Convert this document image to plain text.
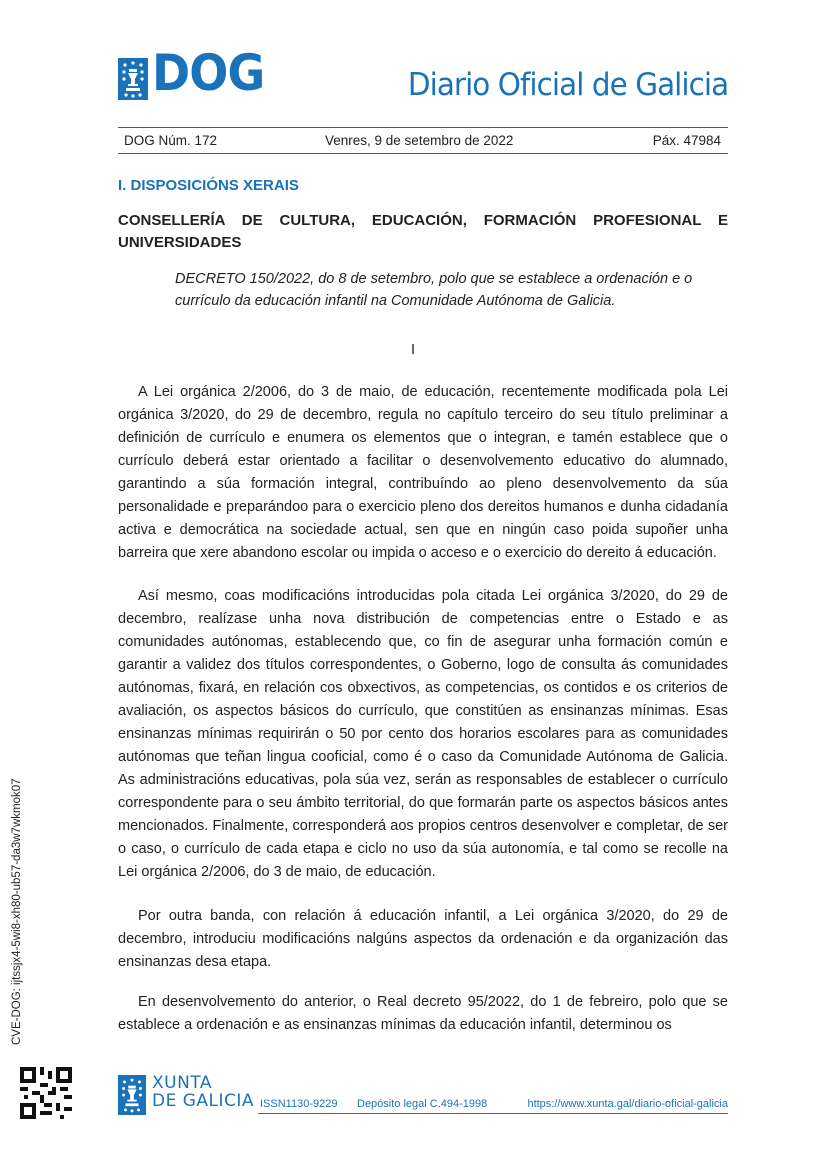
DOG	Diario Oficial de Galicia
DOG Núm. 172	Venres, 9 de setembro de 2022	Páx. 47984
I. DISPOSICIÓNS XERAIS
CONSELLERÍA DE CULTURA, EDUCACIÓN, FORMACIÓN PROFESIONAL E UNIVERSIDADES
DECRETO 150/2022, do 8 de setembro, polo que se establece a ordenación e o currículo da educación infantil na Comunidade Autónoma de Galicia.
I

A Lei orgánica 2/2006, do 3 de maio, de educación, recentemente modificada pola Lei orgánica 3/2020, do 29 de decembro, regula no capítulo terceiro do seu título preliminar a definición de currículo e enumera os elementos que o integran, e tamén establece que o currículo deberá estar orientado a facilitar o desenvolvemento educativo do alumnado, garantindo a súa formación integral, contribuíndo ao pleno desenvolvemento da súa personalidade e preparándoo para o exercicio pleno dos dereitos humanos e dunha cidadanía activa e democrática na sociedade actual, sen que en ningún caso poida supoñer unha barreira que xere abandono escolar ou impida o acceso e o exercicio do dereito á educación.

Así mesmo, coas modificacións introducidas pola citada Lei orgánica 3/2020, do 29 de decembro, realízase unha nova distribución de competencias entre o Estado e as comunidades autónomas, establecendo que, co fin de asegurar unha formación común e garantir a validez dos títulos correspondentes, o Goberno, logo de consulta ás comunidades autónomas, fixará, en relación cos obxectivos, as competencias, os contidos e os criterios de avaliación, os aspectos básicos do currículo, que constitúen as ensinanzas mínimas. Esas ensinanzas mínimas requirirán o 50 por cento dos horarios escolares para as comunidades autónomas que teñan lingua cooficial, como é o caso da Comunidade Autónoma de Galicia. As administracións educativas, pola súa vez, serán as responsables de establecer o currículo correspondente para o seu ámbito territorial, do que formarán parte os aspectos básicos antes mencionados. Finalmente, corresponderá aos propios centros desenvolver e completar, de ser o caso, o currículo de cada etapa e ciclo no uso da súa autonomía, e tal como se recolle na Lei orgánica 2/2006, do 3 de maio, de educación.

Por outra banda, con relación á educación infantil, a Lei orgánica 3/2020, do 29 de decembro, introduciu modificacións nalgúns aspectos da ordenación e da organización das ensinanzas desa etapa.

En desenvolvemento do anterior, o Real decreto 95/2022, do 1 de febreiro, polo que se establece a ordenación e as ensinanzas mínimas da educación infantil, determinou os

CVE-DOG: ijtssjx4-5wi8-xh80-ub57-da3w7wkmok07
XUNTA
DE GALICIA ISSN1130-9229 Depósito legal C.494-1998	https://www.xunta.gal/diario-oficial-galicia
